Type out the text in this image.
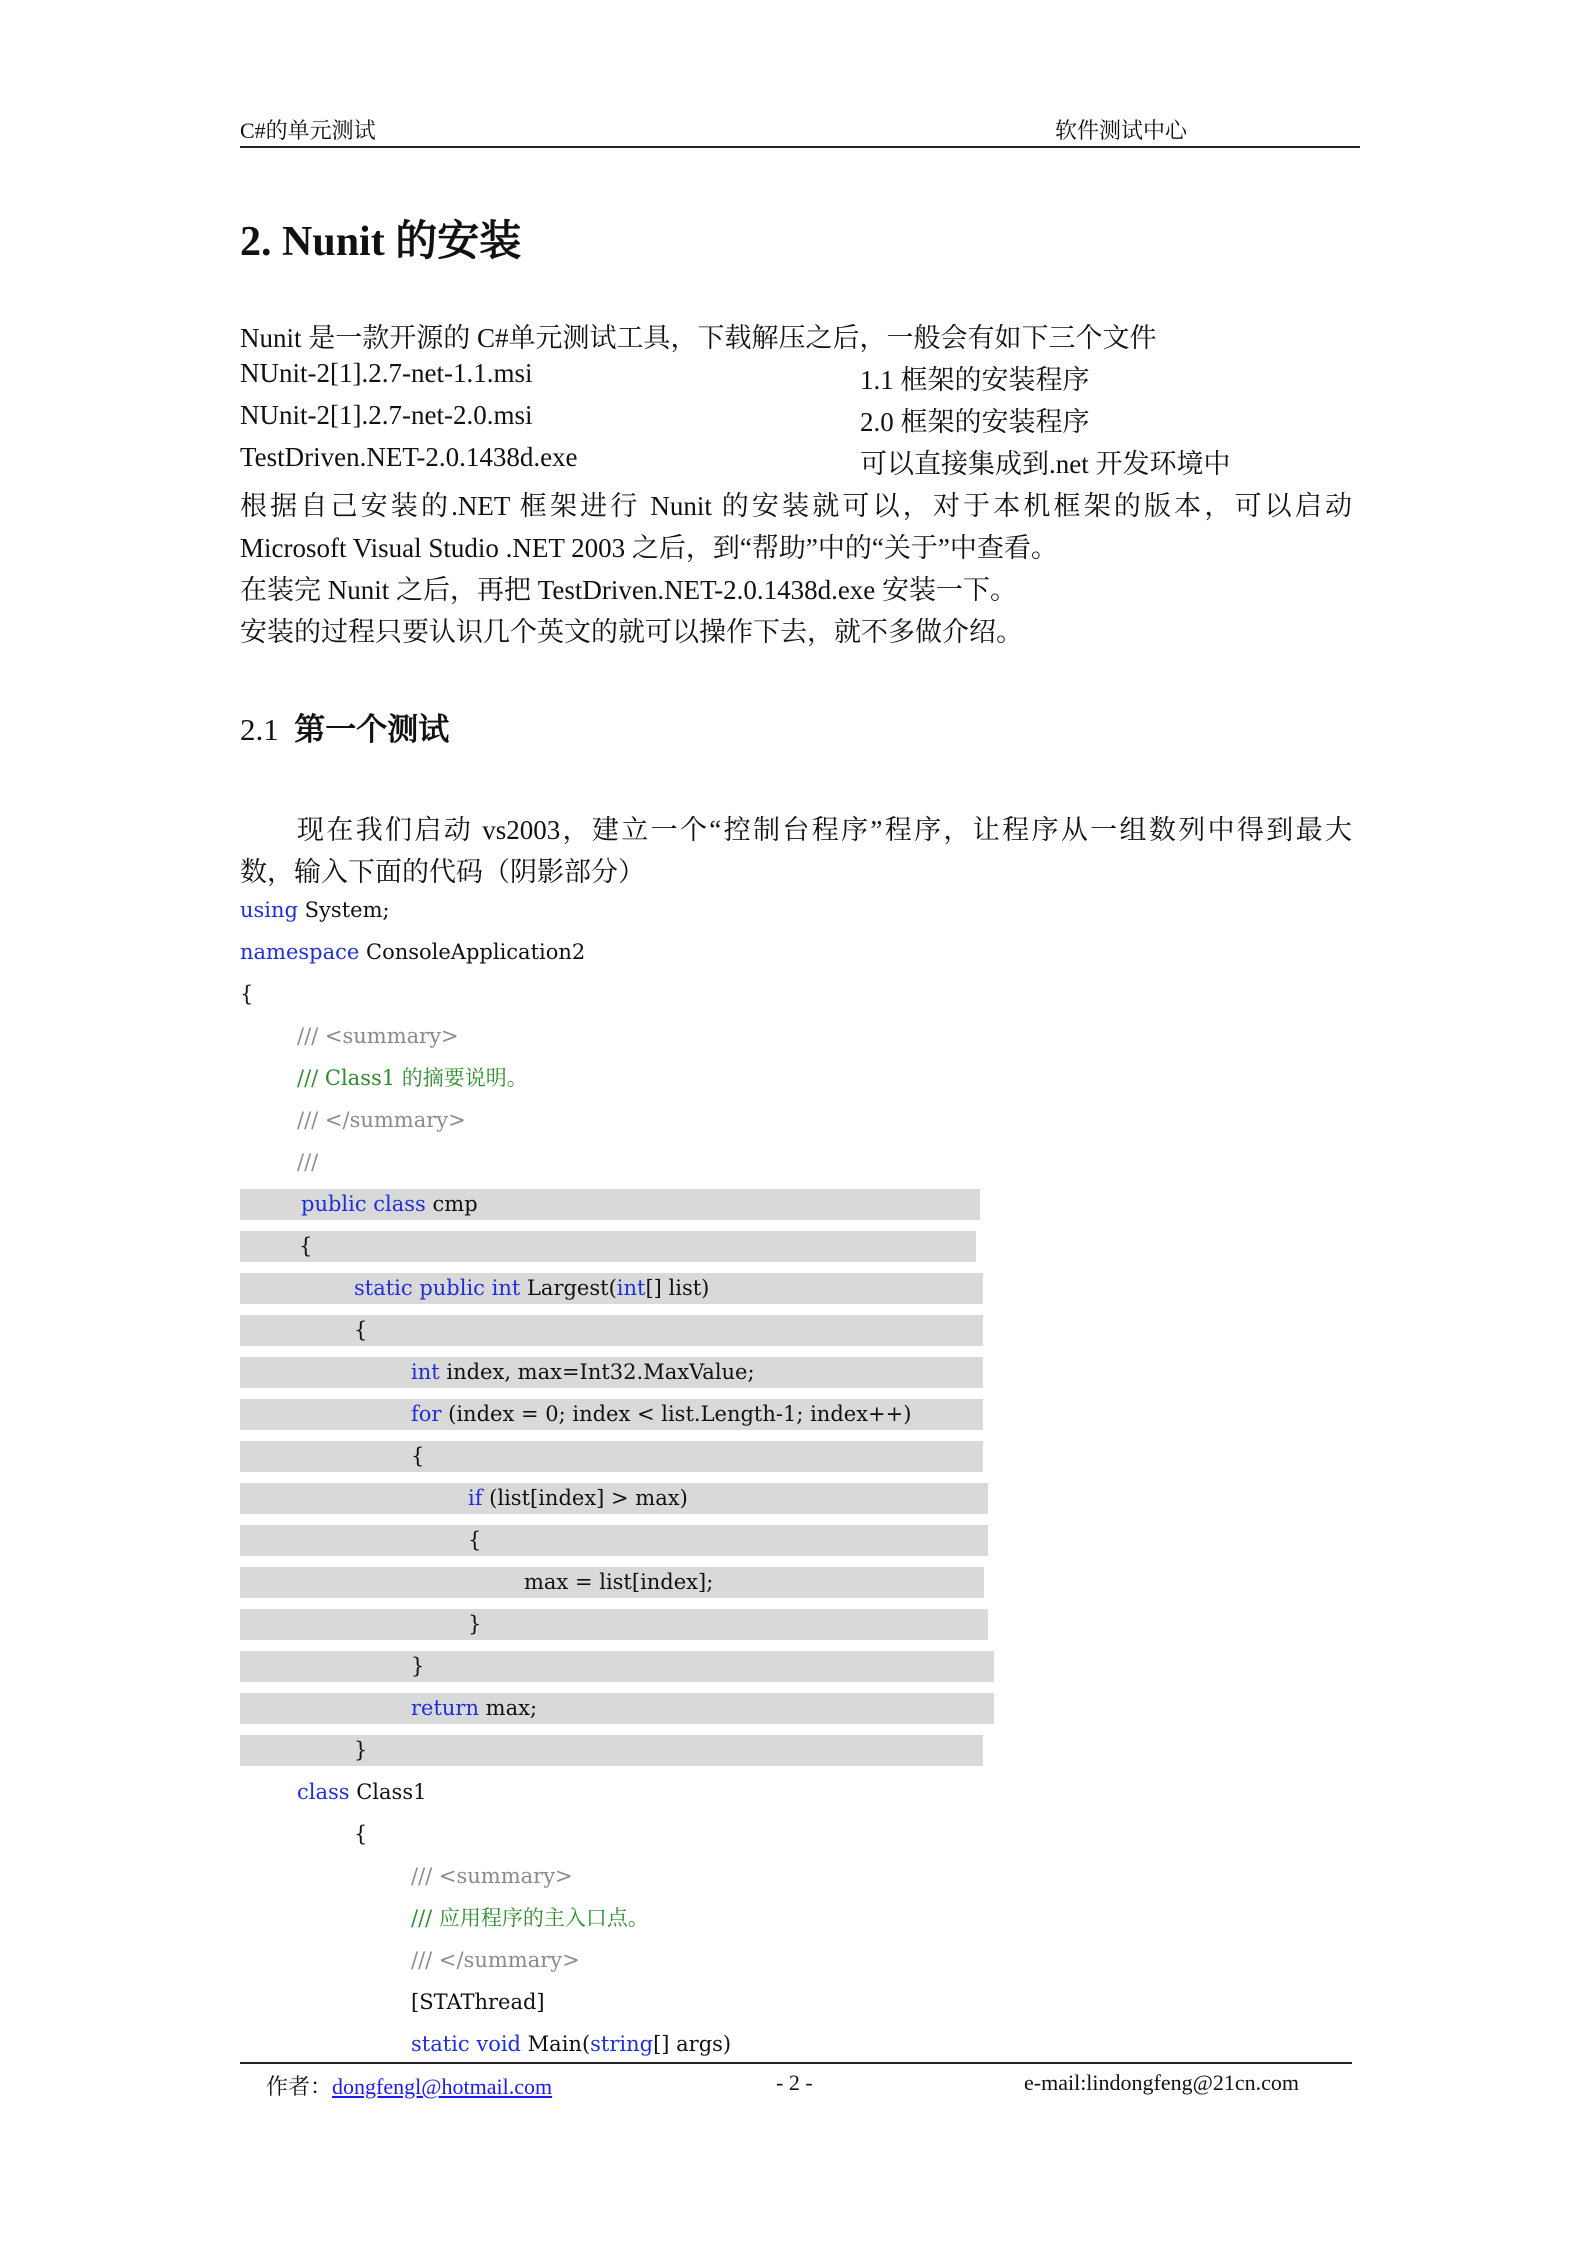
C#的单元测试	软件测试中心
2. Nunit 的安装
Nunit 是一款开源的 C#单元测试工具，下载解压之后，一般会有如下三个文件
NUnit-2[1].2.7-net-1.1.msi	1.1 框架的安装程序
NUnit-2[1].2.7-net-2.0.msi	2.0 框架的安装程序
TestDriven.NET-2.0.1438d.exe	可以直接集成到.net 开发环境中
根据自己安装的.NET 框架进行 Nunit 的安装就可以，对于本机框架的版本，可以启动
Microsoft Visual Studio .NET 2003 之后，到“帮助”中的“关于”中查看。
在装完 Nunit 之后，再把 TestDriven.NET-2.0.1438d.exe 安装一下。
安装的过程只要认识几个英文的就可以操作下去，就不多做介绍。
2.1 第一个测试
现在我们启动 vs2003，建立一个“控制台程序”程序，让程序从一组数列中得到最大
数，输入下面的代码（阴影部分）
using System;
namespace ConsoleApplication2
{
/// <summary>
/// Class1 的摘要说明。
/// </summary>
///
public class cmp
{
static public int Largest(int[] list)
{
int index, max=Int32.MaxValue;
for (index = 0; index < list.Length-1; index++)
{
if (list[index] > max)
{
max = list[index];
}
}
return max;
}
class Class1
{
/// <summary>
/// 应用程序的主入口点。
/// </summary>
[STAThread]
static void Main(string[] args)
作者：dongfengl@hotmail.com	- 2 -	e-mail:lindongfeng@21cn.com
